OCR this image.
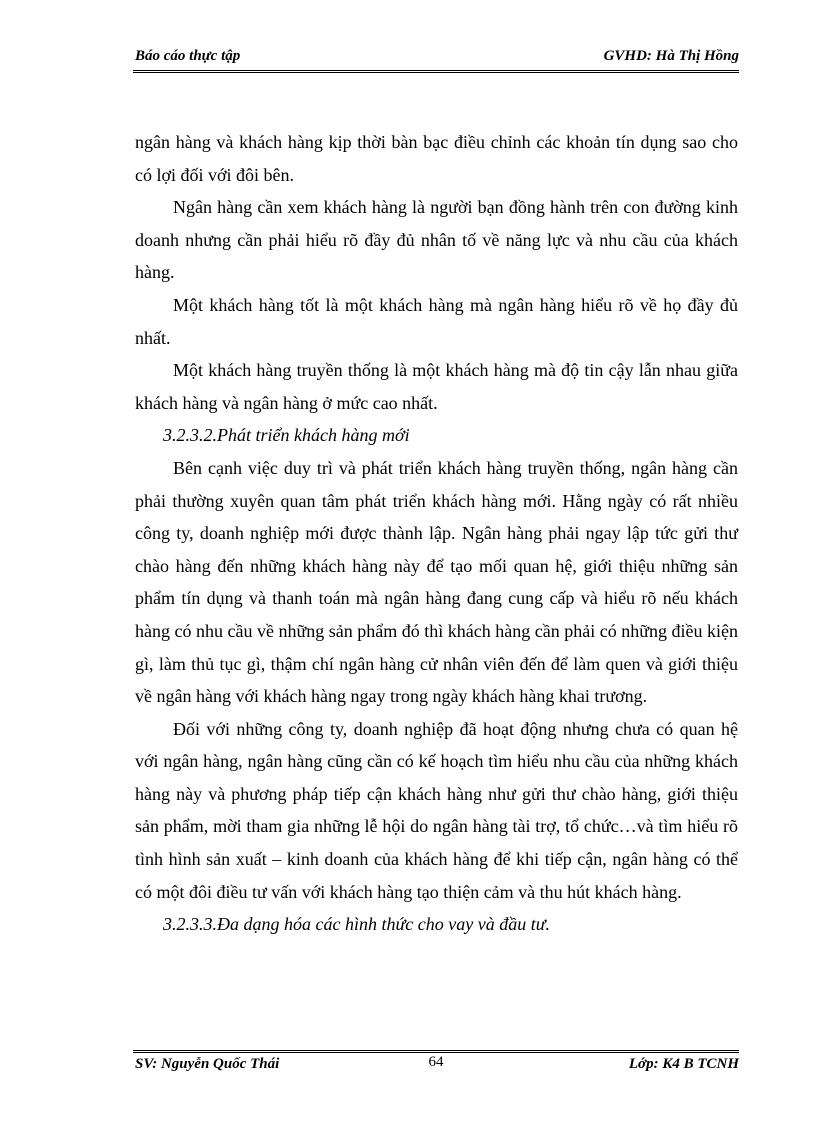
Báo cáo thực tập	GVHD: Hà Thị Hồng

ngân hàng và khách hàng kịp thời bàn bạc điều chỉnh các khoản tín dụng sao cho có lợi đối với đôi bên.

Ngân hàng cần xem khách hàng là người bạn đồng hành trên con đường kinh doanh nhưng cần phải hiểu rõ đầy đủ nhân tố về năng lực và nhu cầu của khách hàng.

Một khách hàng tốt là một khách hàng mà ngân hàng hiểu rõ về họ đầy đủ nhất.

Một khách hàng truyền thống là một khách hàng mà độ tin cậy lẫn nhau giữa khách hàng và ngân hàng ở mức cao nhất.

3.2.3.2.Phát triển khách hàng mới

Bên cạnh việc duy trì và phát triển khách hàng truyền thống, ngân hàng cần phải thường xuyên quan tâm phát triển khách hàng mới. Hằng ngày có rất nhiều công ty, doanh nghiệp mới được thành lập. Ngân hàng phải ngay lập tức gửi thư chào hàng đến những khách hàng này để tạo mối quan hệ, giới thiệu những sản phẩm tín dụng và thanh toán mà ngân hàng đang cung cấp và hiểu rõ nếu khách hàng có nhu cầu về những sản phẩm đó thì khách hàng cần phải có những điều kiện gì, làm thủ tục gì, thậm chí ngân hàng cử nhân viên đến để làm quen và giới thiệu về ngân hàng với khách hàng ngay trong ngày khách hàng khai trương.

Đối với những công ty, doanh nghiệp đã hoạt động nhưng chưa có quan hệ với ngân hàng, ngân hàng cũng cần có kế hoạch tìm hiểu nhu cầu của những khách hàng này và phương pháp tiếp cận khách hàng như gửi thư chào hàng, giới thiệu sản phẩm, mời tham gia những lễ hội do ngân hàng tài trợ, tổ chức…và tìm hiểu rõ tình hình sản xuất – kinh doanh của khách hàng để khi tiếp cận, ngân hàng có thể có một đôi điều tư vấn với khách hàng tạo thiện cảm và thu hút khách hàng.

3.2.3.3.Đa dạng hóa các hình thức cho vay và đầu tư.

SV: Nguyễn Quốc Thái	64	Lớp: K4 B TCNH
